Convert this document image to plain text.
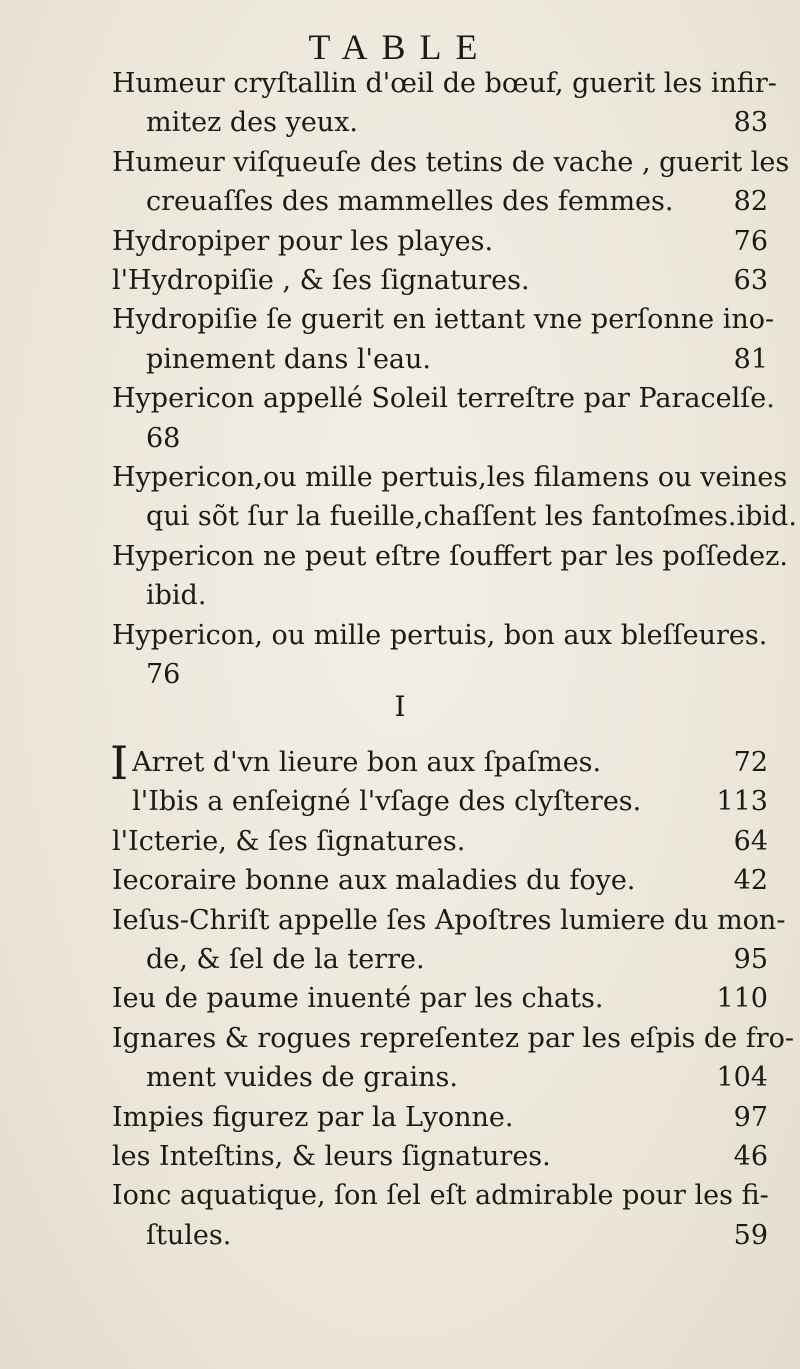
TABLE
Humeur cryſtallin d'œil de bœuf, guerit les infir-
mitez des yeux.	83
Humeur viſqueuſe des tetins de vache , guerit les
creuaſſes des mammelles des femmes.	82
Hydropiper pour les playes.	76
l'Hydropiſie , & ſes ſignatures.	63
Hydropiſie ſe guerit en iettant vne perſonne ino-
pinement dans l'eau.	81
Hypericon appellé Soleil terreſtre par Paracelſe.
68
Hypericon,ou mille pertuis,les filamens ou veines
qui sõt ſur la fueille,chaſſent les fantoſmes.ibid.
Hypericon ne peut eſtre ſouffert par les poſſedez.
ibid.
Hypericon, ou mille pertuis, bon aux bleſſeures.
76
I
I Arret d'vn lieure bon aux ſpaſmes.	72
l'Ibis a enſeigné l'vſage des clyſteres.	113
l'Icterie, & ſes ſignatures.	64
Iecoraire bonne aux maladies du foye.	42
Ieſus-Chriſt appelle ſes Apoſtres lumiere du mon-
de, & ſel de la terre.	95
Ieu de paume inuenté par les chats.	110
Ignares & rogues repreſentez par les eſpis de fro-
ment vuides de grains.	104
Impies figurez par la Lyonne.	97
les Inteſtins, & leurs ſignatures.	46
Ionc aquatique, ſon ſel eſt admirable pour les fi-
ſtules.	59
